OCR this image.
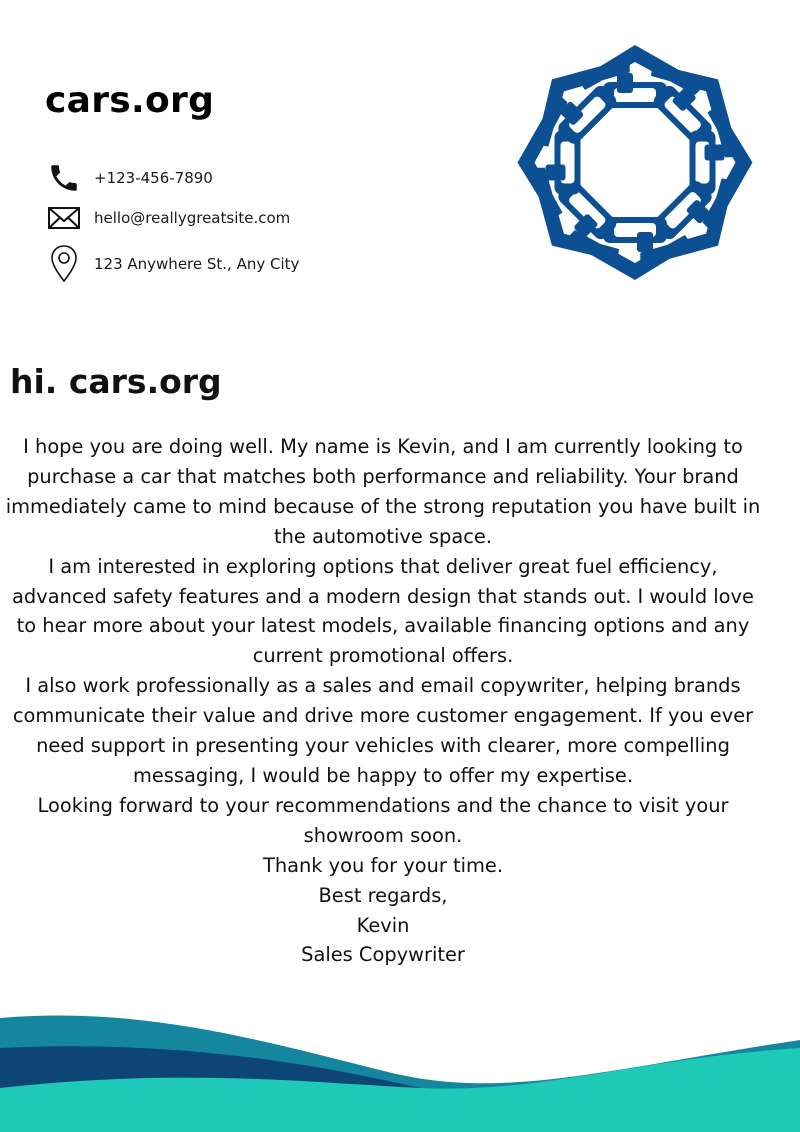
cars.org
+123-456-7890
hello@reallygreatsite.com
123 Anywhere St., Any City
hi. cars.org

I hope you are doing well. My name is Kevin, and I am currently looking to purchase a car that matches both performance and reliability. Your brand immediately came to mind because of the strong reputation you have built in the automotive space.

I am interested in exploring options that deliver great fuel efficiency, advanced safety features and a modern design that stands out. I would love to hear more about your latest models, available financing options and any current promotional offers.

I also work professionally as a sales and email copywriter, helping brands communicate their value and drive more customer engagement. If you ever need support in presenting your vehicles with clearer, more compelling messaging, I would be happy to offer my expertise.

Looking forward to your recommendations and the chance to visit your showroom soon.

Thank you for your time.

Best regards,

Kevin

Sales Copywriter
